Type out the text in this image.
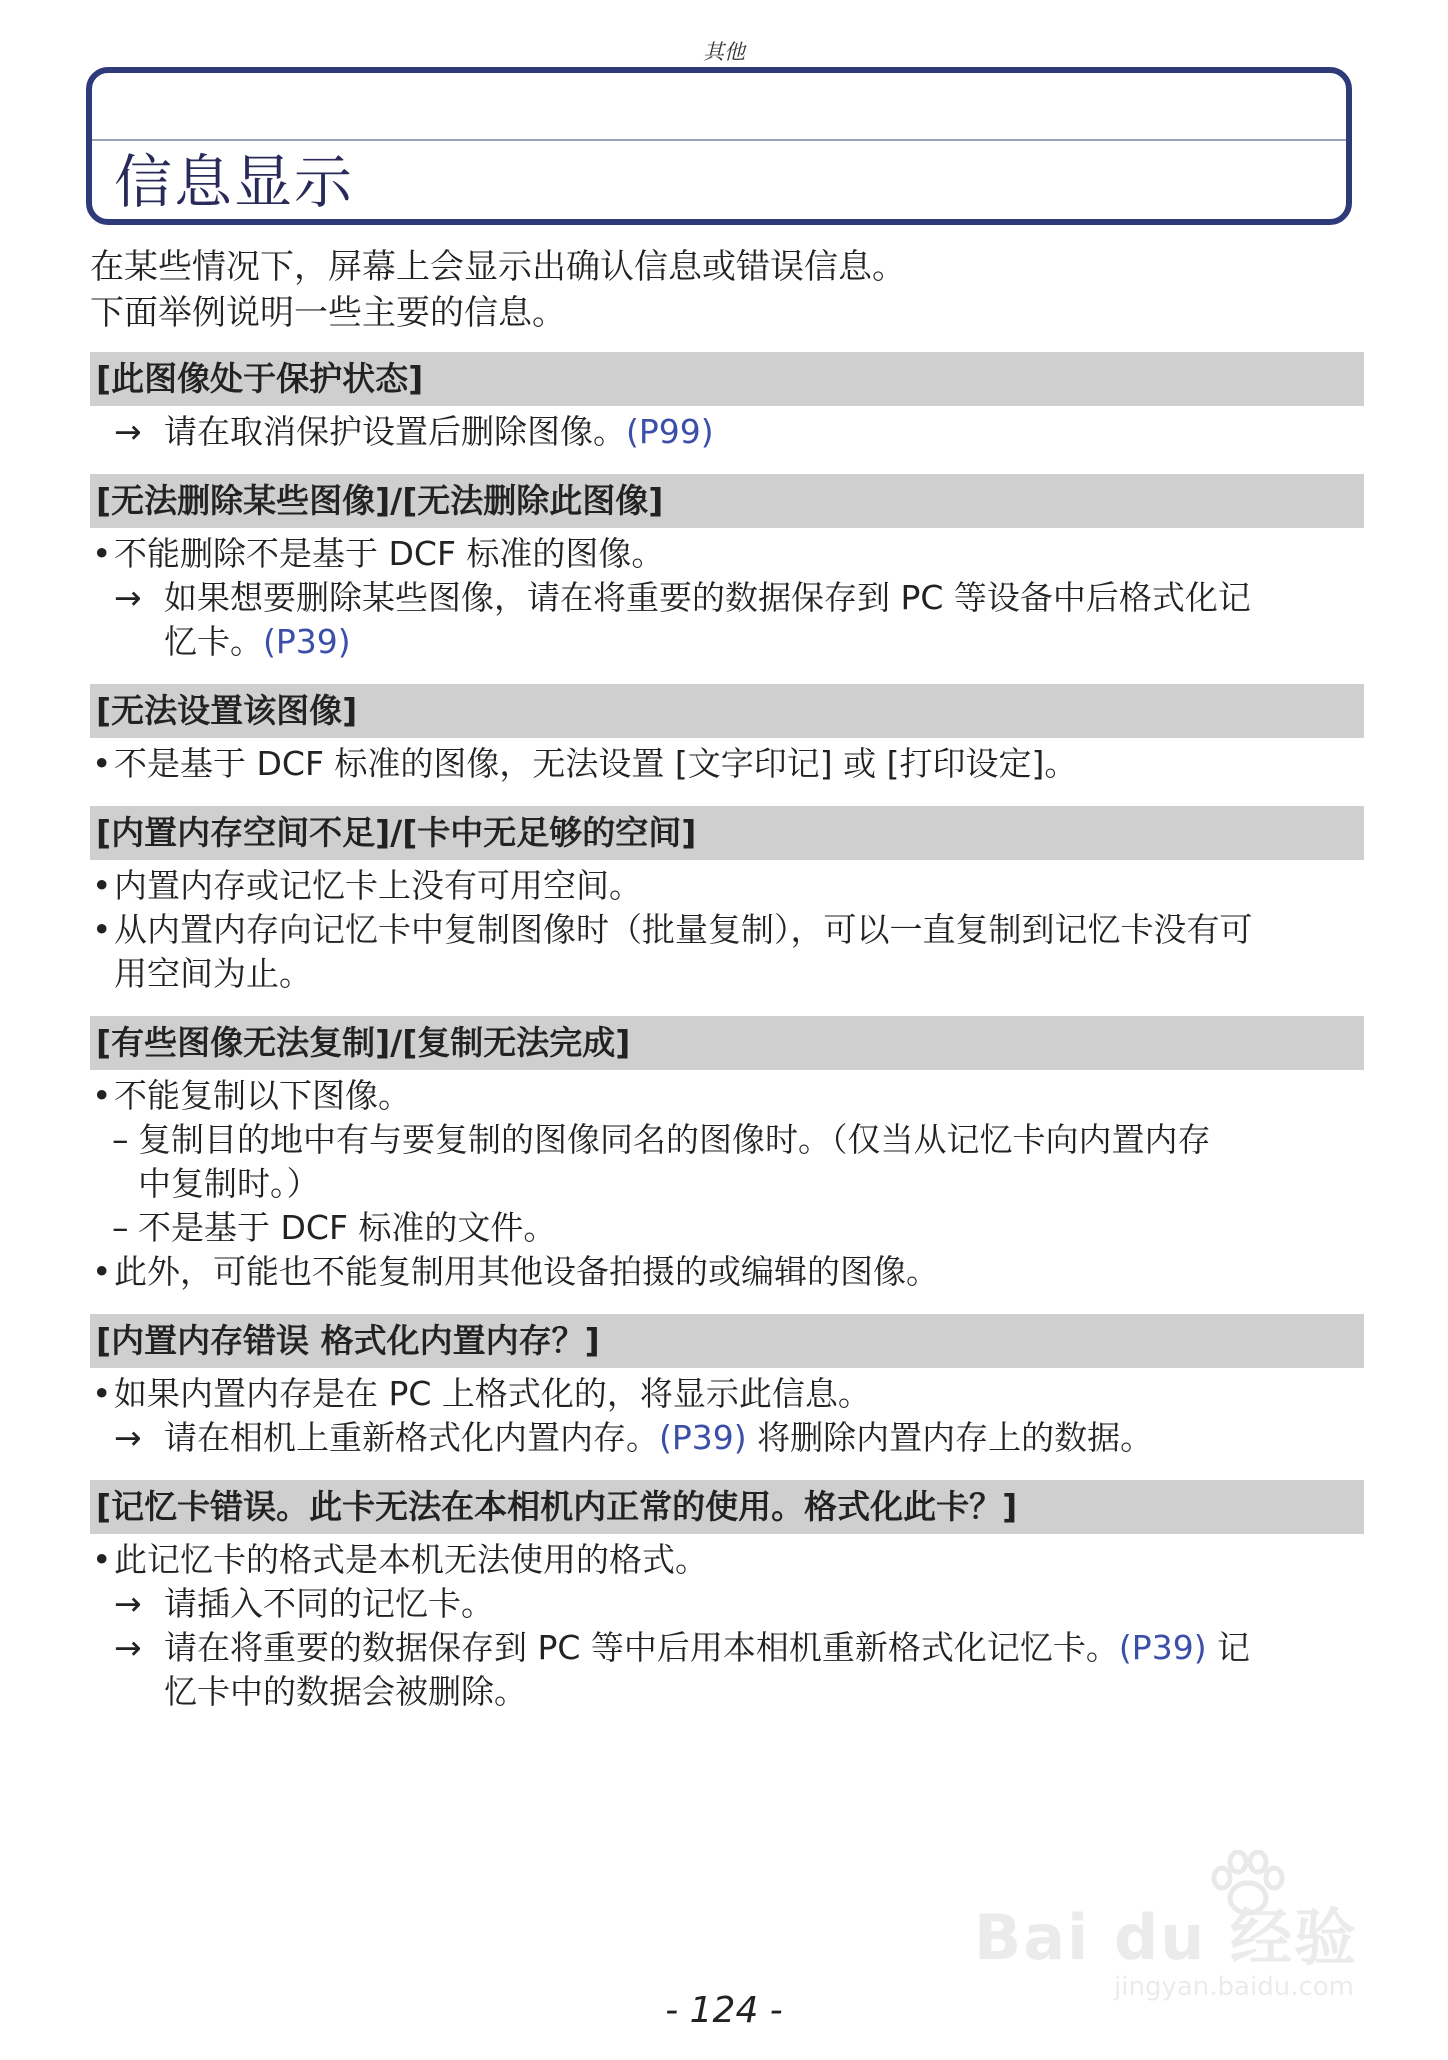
其他
信息显示
在某些情况下，屏幕上会显示出确认信息或错误信息。
下面举例说明一些主要的信息。
[此图像处于保护状态]
→ 请在取消保护设置后删除图像。(P99)
[无法删除某些图像]/[无法删除此图像]
• 不能删除不是基于 DCF 标准的图像。
→ 如果想要删除某些图像，请在将重要的数据保存到 PC 等设备中后格式化记
忆卡。(P39)
[无法设置该图像]
• 不是基于 DCF 标准的图像，无法设置 [文字印记] 或 [打印设定]。
[内置内存空间不足]/[卡中无足够的空间]
• 内置内存或记忆卡上没有可用空间。
• 从内置内存向记忆卡中复制图像时（批量复制），可以一直复制到记忆卡没有可
用空间为止。
[有些图像无法复制]/[复制无法完成]
• 不能复制以下图像。
– 复制目的地中有与要复制的图像同名的图像时。（仅当从记忆卡向内置内存
中复制时。）
– 不是基于 DCF 标准的文件。
• 此外，可能也不能复制用其他设备拍摄的或编辑的图像。
[内置内存错误 格式化内置内存？]
• 如果内置内存是在 PC 上格式化的，将显示此信息。
→ 请在相机上重新格式化内置内存。(P39) 将删除内置内存上的数据。
[记忆卡错误。此卡无法在本相机内正常的使用。格式化此卡？]
• 此记忆卡的格式是本机无法使用的格式。
→ 请插入不同的记忆卡。
→ 请在将重要的数据保存到 PC 等中后用本相机重新格式化记忆卡。(P39) 记
忆卡中的数据会被删除。
Bai du 经验
jingyan.baidu.com
- 124 -
